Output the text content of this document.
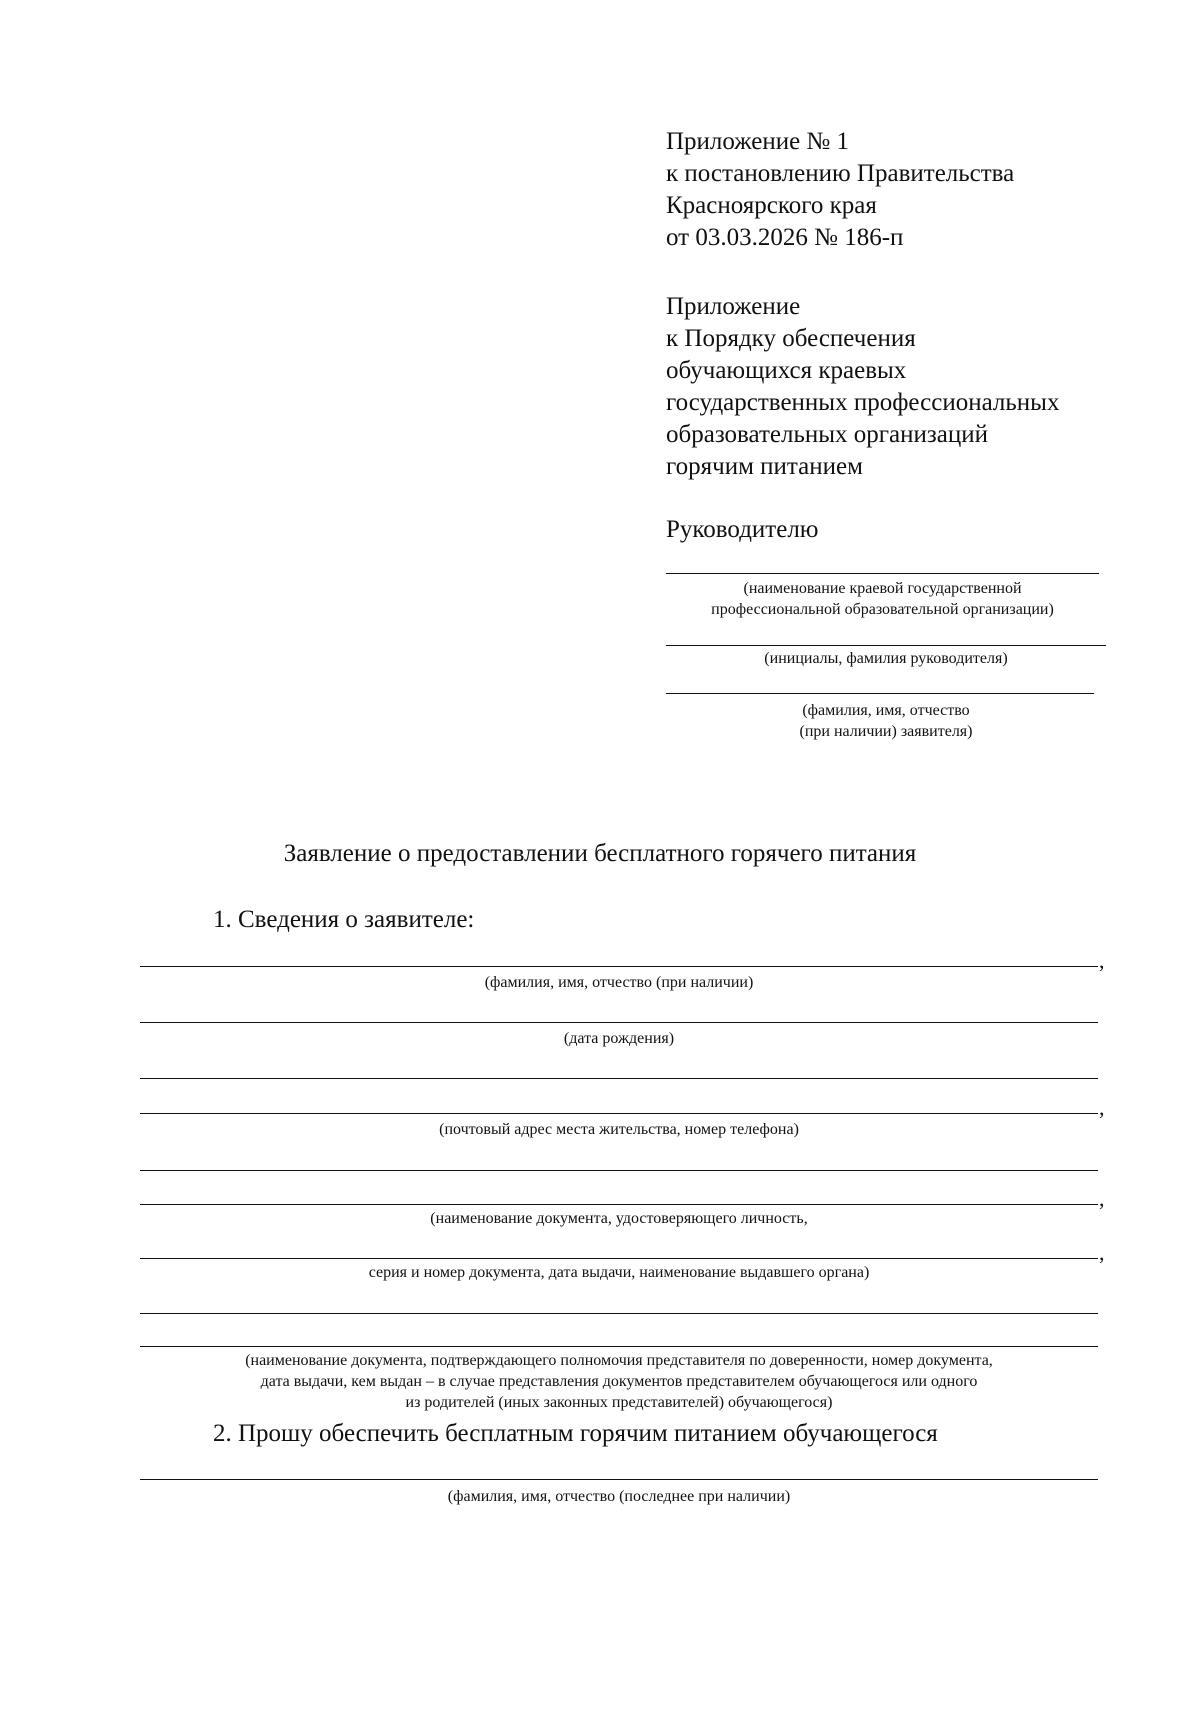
Приложение № 1
к постановлению Правительства
Красноярского края
от 03.03.2026 № 186-п
Приложение
к Порядку обеспечения
обучающихся краевых
государственных профессиональных
образовательных организаций
горячим питанием
Руководителю
(наименование краевой государственной
профессиональной образовательной организации)
(инициалы, фамилия руководителя)
(фамилия, имя, отчество
(при наличии) заявителя)
Заявление о предоставлении бесплатного горячего питания
1. Сведения о заявителе:
,
(фамилия, имя, отчество (при наличии)
(дата рождения)
,
(почтовый адрес места жительства, номер телефона)
,
(наименование документа, удостоверяющего личность,
,
серия и номер документа, дата выдачи, наименование выдавшего органа)
(наименование документа, подтверждающего полномочия представителя по доверенности, номер документа,
дата выдачи, кем выдан – в случае представления документов представителем обучающегося или одного
из родителей (иных законных представителей) обучающегося)
2. Прошу обеспечить бесплатным горячим питанием обучающегося
(фамилия, имя, отчество (последнее при наличии)
